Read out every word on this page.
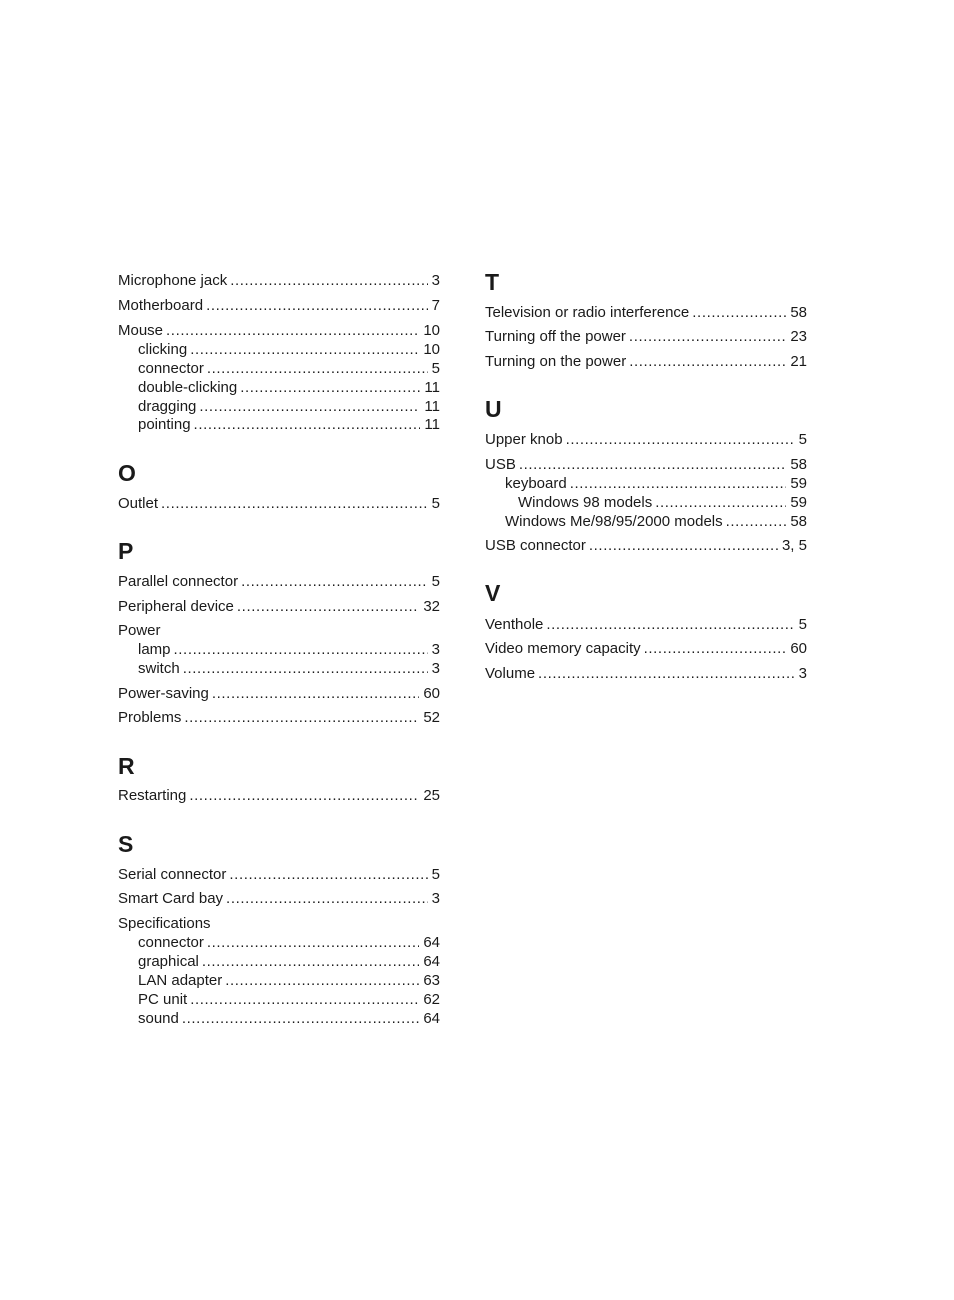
Microphone jack .....	3
Motherboard .....	7
Mouse .....	10
clicking .....	10
connector .....	5
double-clicking .....	11
dragging .....	11
pointing .....	11
O
Outlet .....	5
P
Parallel connector .....	5
Peripheral device .....	32
Power
lamp .....	3
switch .....	3
Power-saving .....	60
Problems .....	52
R
Restarting .....	25
S
Serial connector .....	5
Smart Card bay .....	3
Specifications
connector .....	64
graphical .....	64
LAN adapter .....	63
PC unit .....	62
sound .....	64
T
Television or radio interference .....	58
Turning off the power .....	23
Turning on the power .....	21
U
Upper knob .....	5
USB .....	58
keyboard .....	59
Windows 98 models .....	59
Windows Me/98/95/2000 models .....	58
USB connector .....	3, 5
V
Venthole .....	5
Video memory capacity .....	60
Volume .....	3
